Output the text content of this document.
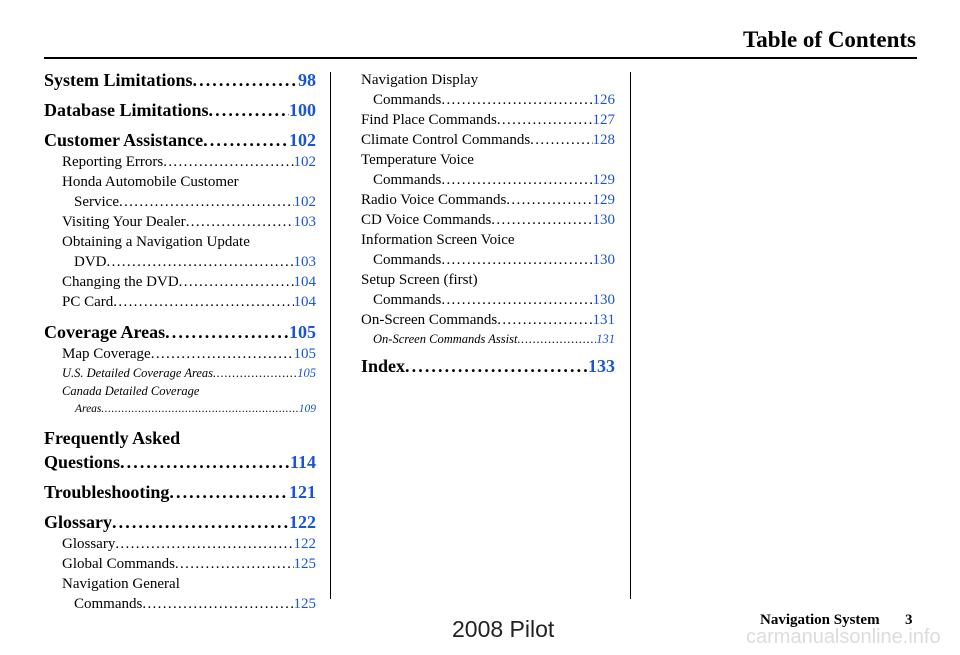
Table of Contents
System Limitations . . .	98
Database Limitations . . .	100
Customer Assistance . . .	102
Reporting Errors . . .	102
Honda Automobile Customer
Service . . .	102
Visiting Your Dealer . . .	103
Obtaining a Navigation Update
DVD . . .	103
Changing the DVD . . .	104
PC Card . . .	104
Coverage Areas . . .	105
Map Coverage . . .	105
U.S. Detailed Coverage Areas . . .	105
Canada Detailed Coverage
Areas . . .	109
Frequently Asked
Questions . . .	114
Troubleshooting . . .	121
Glossary . . .	122
Glossary . . .	122
Global Commands . . .	125
Navigation General
Commands . . .	125
Navigation Display
Commands . . .	126
Find Place Commands . . .	127
Climate Control Commands . . .	128
Temperature Voice
Commands . . .	129
Radio Voice Commands . . .	129
CD Voice Commands . . .	130
Information Screen Voice
Commands . . .	130
Setup Screen (first)
Commands . . .	130
On-Screen Commands . . .	131
On-Screen Commands Assist . . .	131
Index . . .	133
Navigation System 3
2008 Pilot	carmanualsonline.info
